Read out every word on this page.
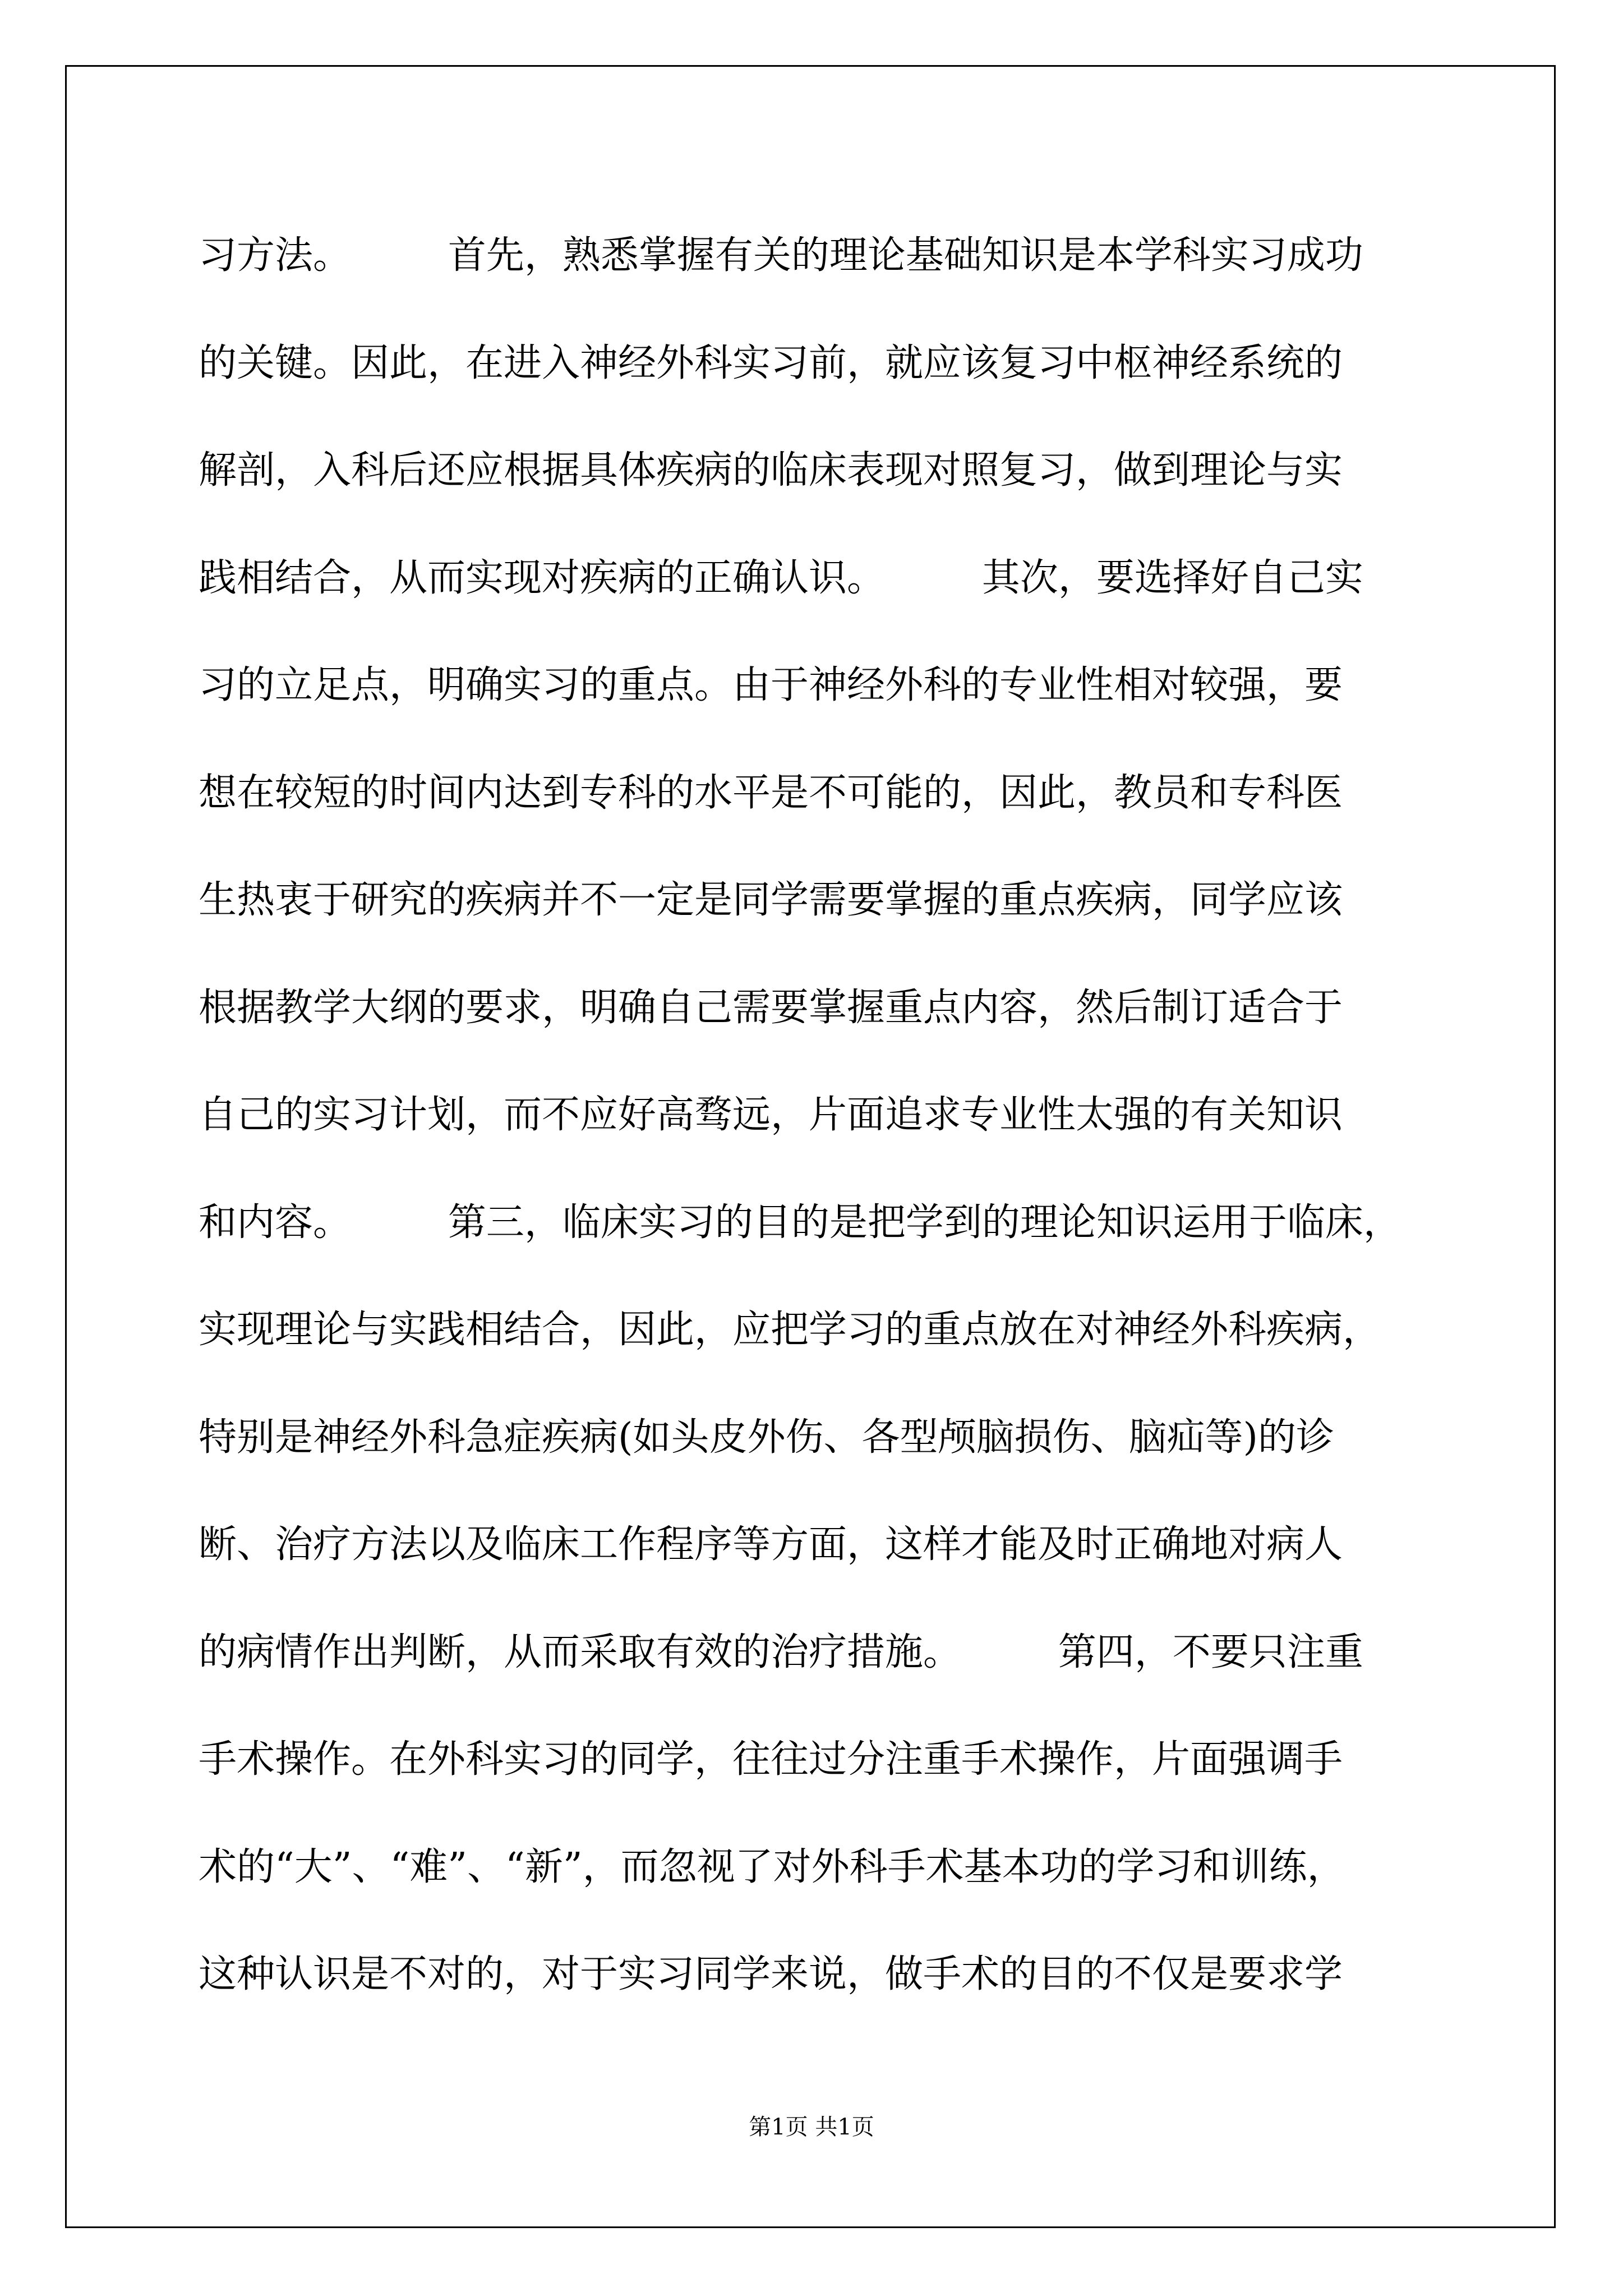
习方法。        首先，熟悉掌握有关的理论基础知识是本学科实习成功
的关键。因此，在进入神经外科实习前，就应该复习中枢神经系统的
解剖，入科后还应根据具体疾病的临床表现对照复习，做到理论与实
践相结合，从而实现对疾病的正确认识。        其次，要选择好自己实
习的立足点，明确实习的重点。由于神经外科的专业性相对较强，要
想在较短的时间内达到专科的水平是不可能的，因此，教员和专科医
生热衷于研究的疾病并不一定是同学需要掌握的重点疾病，同学应该
根据教学大纲的要求，明确自己需要掌握重点内容，然后制订适合于
自己的实习计划，而不应好高骛远，片面追求专业性太强的有关知识
和内容。        第三，临床实习的目的是把学到的理论知识运用于临床，
实现理论与实践相结合，因此，应把学习的重点放在对神经外科疾病，
特别是神经外科急症疾病(如头皮外伤、各型颅脑损伤、脑疝等)的诊
断、治疗方法以及临床工作程序等方面，这样才能及时正确地对病人
的病情作出判断，从而采取有效的治疗措施。        第四，不要只注重
手术操作。在外科实习的同学，往往过分注重手术操作，片面强调手
术的“大”、“难”、“新”，而忽视了对外科手术基本功的学习和训练，
这种认识是不对的，对于实习同学来说，做手术的目的不仅是要求学
第1页 共1页
